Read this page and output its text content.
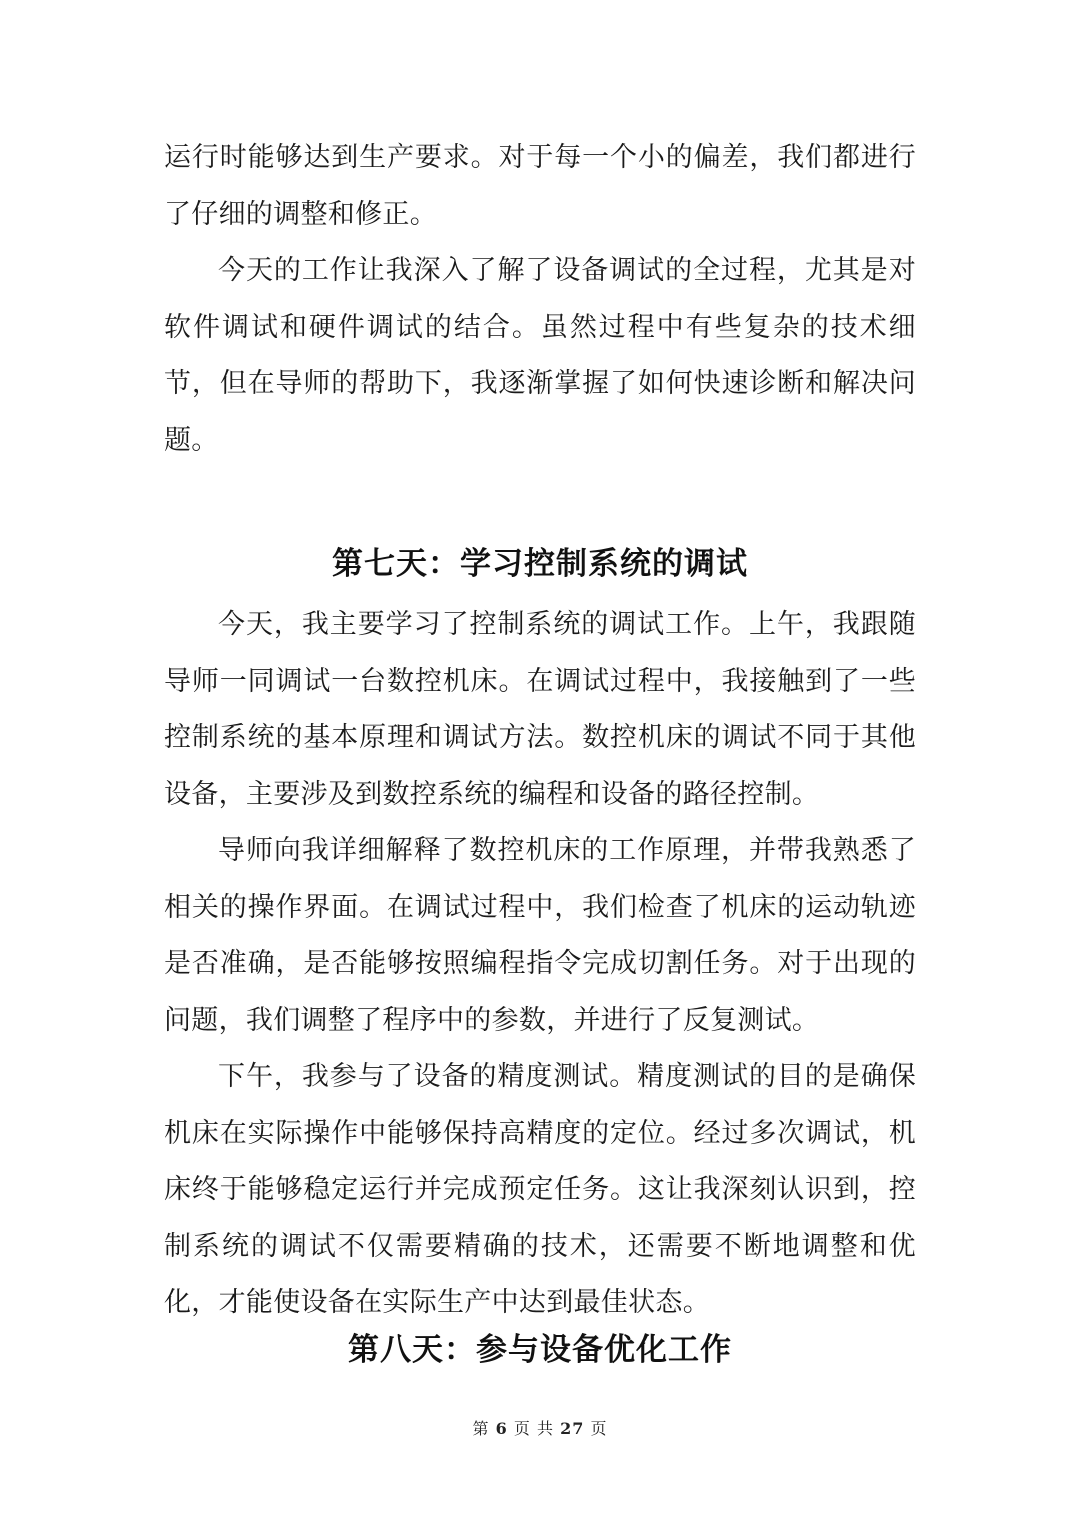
运行时能够达到生产要求。对于每一个小的偏差，我们都进行了仔细的调整和修正。

今天的工作让我深入了解了设备调试的全过程，尤其是对软件调试和硬件调试的结合。虽然过程中有些复杂的技术细节，但在导师的帮助下，我逐渐掌握了如何快速诊断和解决问题。

第七天：学习控制系统的调试

今天，我主要学习了控制系统的调试工作。上午，我跟随导师一同调试一台数控机床。在调试过程中，我接触到了一些控制系统的基本原理和调试方法。数控机床的调试不同于其他设备，主要涉及到数控系统的编程和设备的路径控制。

导师向我详细解释了数控机床的工作原理，并带我熟悉了相关的操作界面。在调试过程中，我们检查了机床的运动轨迹是否准确，是否能够按照编程指令完成切割任务。对于出现的问题，我们调整了程序中的参数，并进行了反复测试。

下午，我参与了设备的精度测试。精度测试的目的是确保机床在实际操作中能够保持高精度的定位。经过多次调试，机床终于能够稳定运行并完成预定任务。这让我深刻认识到，控制系统的调试不仅需要精确的技术，还需要不断地调整和优化，才能使设备在实际生产中达到最佳状态。

第八天：参与设备优化工作
第 6 页 共 27 页
